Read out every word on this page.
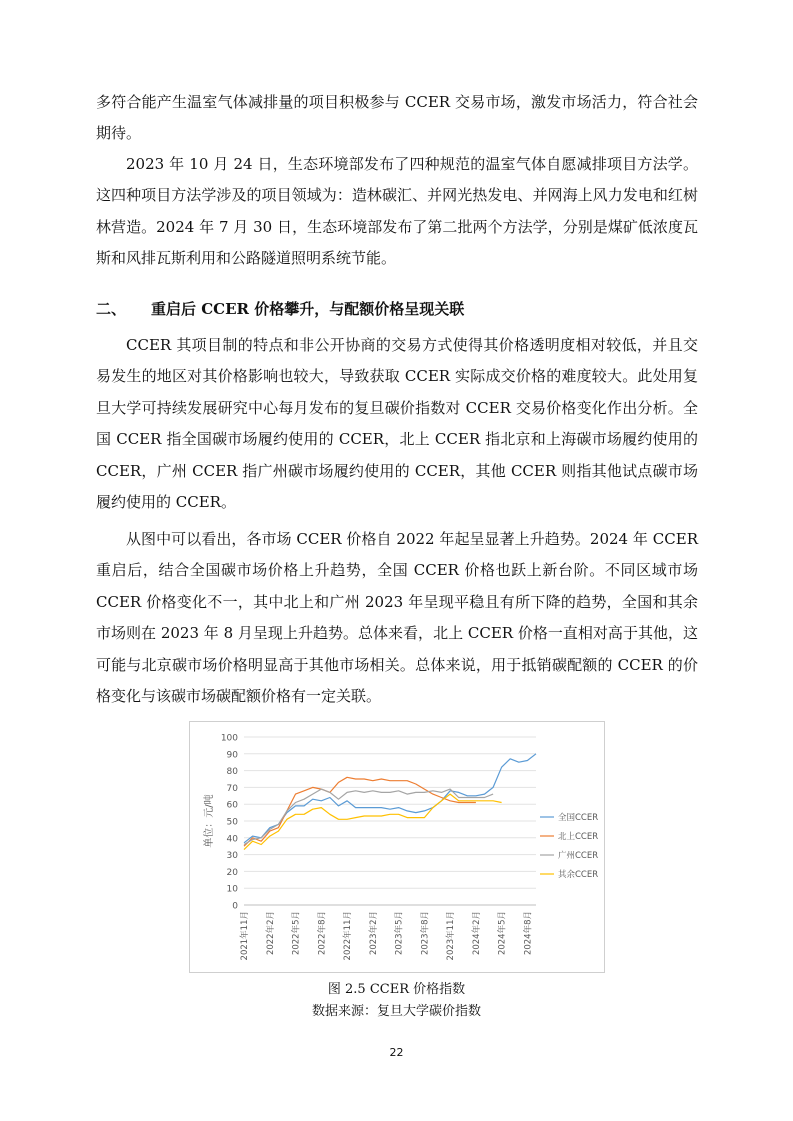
多符合能产生温室气体减排量的项目积极参与 CCER 交易市场，激发市场活力，符合社会期待。

2023 年 10 月 24 日，生态环境部发布了四种规范的温室气体自愿减排项目方法学。这四种项目方法学涉及的项目领域为：造林碳汇、并网光热发电、并网海上风力发电和红树林营造。2024 年 7 月 30 日，生态环境部发布了第二批两个方法学，分别是煤矿低浓度瓦斯和风排瓦斯利用和公路隧道照明系统节能。

二、 重启后 CCER 价格攀升，与配额价格呈现关联

CCER 其项目制的特点和非公开协商的交易方式使得其价格透明度相对较低，并且交易发生的地区对其价格影响也较大，导致获取 CCER 实际成交价格的难度较大。此处用复旦大学可持续发展研究中心每月发布的复旦碳价指数对 CCER 交易价格变化作出分析。全国 CCER 指全国碳市场履约使用的 CCER，北上 CCER 指北京和上海碳市场履约使用的 CCER，广州 CCER 指广州碳市场履约使用的 CCER，其他 CCER 则指其他试点碳市场履约使用的 CCER。

从图中可以看出，各市场 CCER 价格自 2022 年起呈显著上升趋势。2024 年 CCER 重启后，结合全国碳市场价格上升趋势，全国 CCER 价格也跃上新台阶。不同区域市场 CCER 价格变化不一，其中北上和广州 2023 年呈现平稳且有所下降的趋势，全国和其余市场则在 2023 年 8 月呈现上升趋势。总体来看，北上 CCER 价格一直相对高于其他，这可能与北京碳市场价格明显高于其他市场相关。总体来说，用于抵销碳配额的 CCER 的价格变化与该碳市场碳配额价格有一定关联。

0
10
20
30
40
50
60
70
80
90
100
单位：元/吨
2021年11月 2022年2月 2022年5月 2022年8月 2022年11月 2023年2月 2023年5月 2023年8月 2023年11月 2024年2月 2024年5月 2024年8月
全国CCER
北上CCER
广州CCER
其余CCER

图 2.5 CCER 价格指数

数据来源：复旦大学碳价指数

22
